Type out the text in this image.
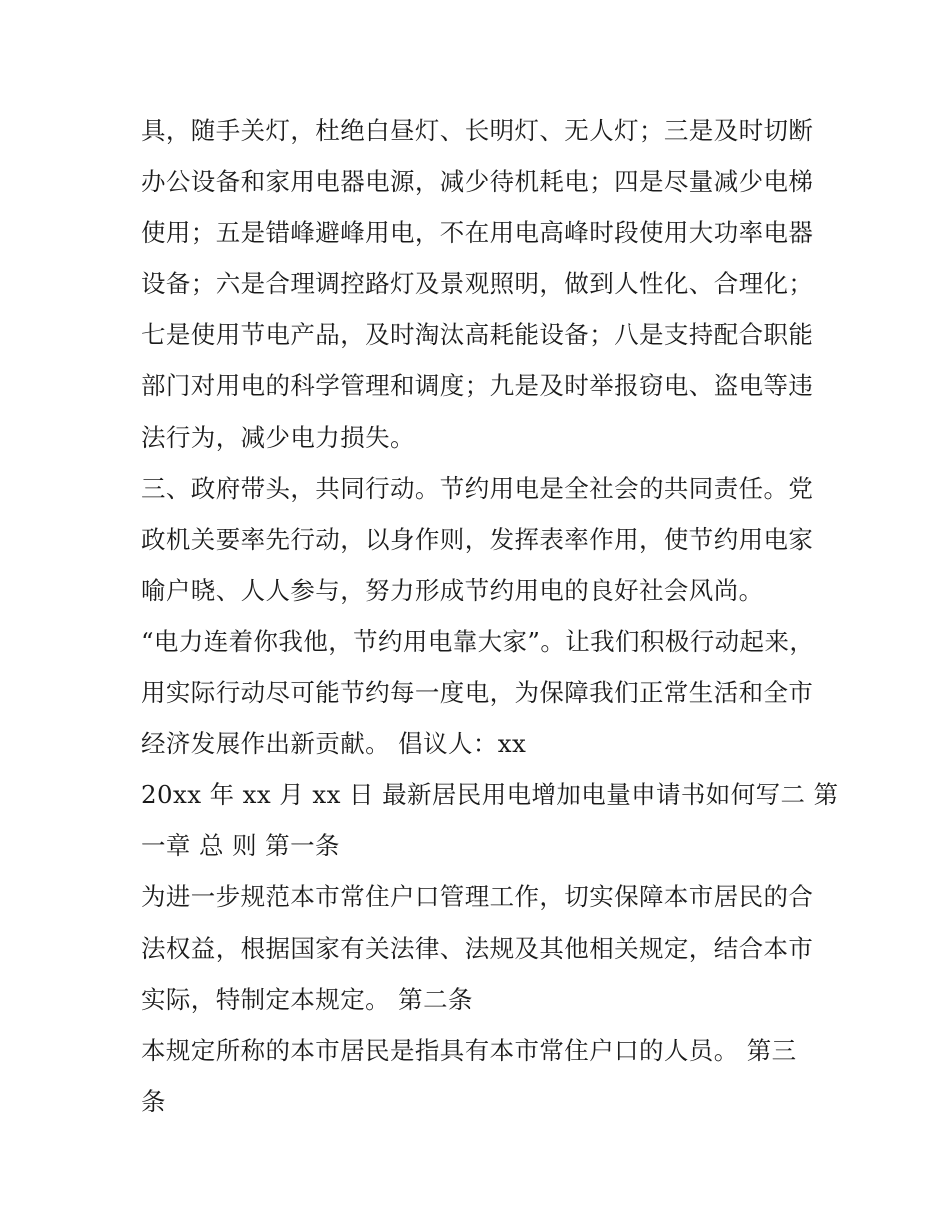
具，随手关灯，杜绝白昼灯、长明灯、无人灯；三是及时切断
办公设备和家用电器电源，减少待机耗电；四是尽量减少电梯
使用；五是错峰避峰用电，不在用电高峰时段使用大功率电器
设备；六是合理调控路灯及景观照明，做到人性化、合理化；
七是使用节电产品，及时淘汰高耗能设备；八是支持配合职能
部门对用电的科学管理和调度；九是及时举报窃电、盗电等违
法行为，减少电力损失。
三、政府带头，共同行动。节约用电是全社会的共同责任。党
政机关要率先行动，以身作则，发挥表率作用，使节约用电家
喻户晓、人人参与，努力形成节约用电的良好社会风尚。
“电力连着你我他，节约用电靠大家”。让我们积极行动起来，
用实际行动尽可能节约每一度电，为保障我们正常生活和全市
经济发展作出新贡献。 倡议人：xx
20xx 年 xx 月 xx 日 最新居民用电增加电量申请书如何写二 第
一章 总 则 第一条
为进一步规范本市常住户口管理工作，切实保障本市居民的合
法权益，根据国家有关法律、法规及其他相关规定，结合本市
实际，特制定本规定。 第二条
本规定所称的本市居民是指具有本市常住户口的人员。 第三
条
